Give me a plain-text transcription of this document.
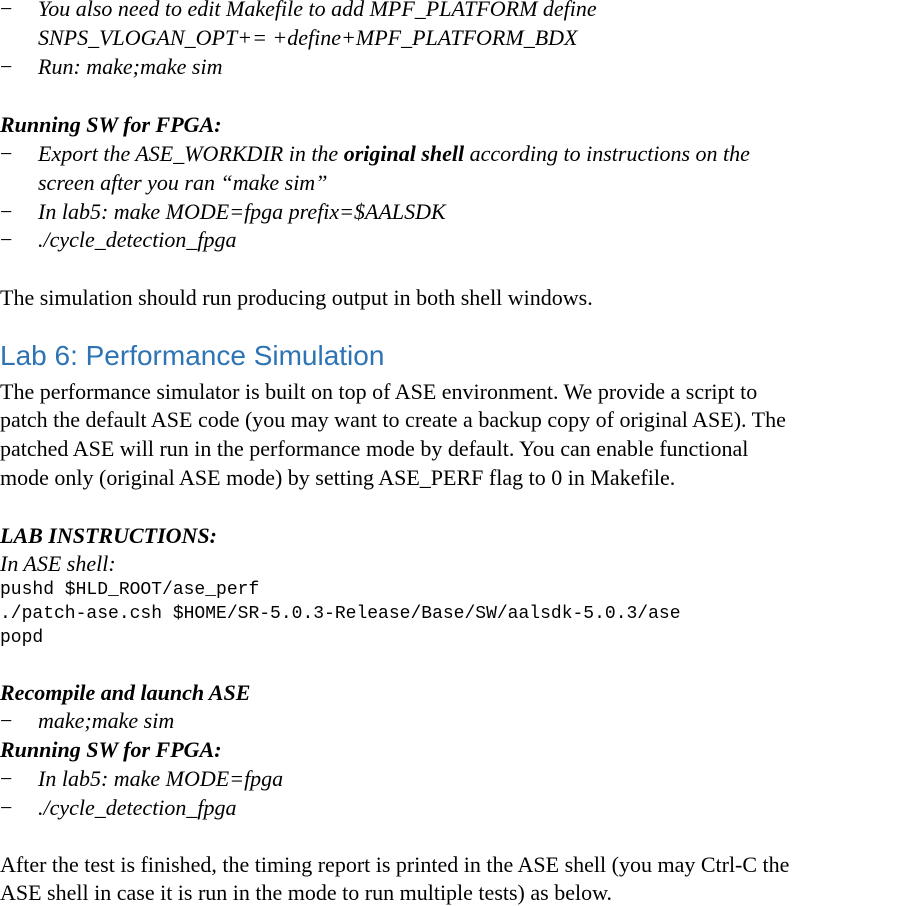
−	You also need to edit Makefile to add MPF_PLATFORM define
SNPS_VLOGAN_OPT+= +define+MPF_PLATFORM_BDX
−	Run: make;make sim
Running SW for FPGA:
−	Export the ASE_WORKDIR in the original shell according to instructions on the
screen after you ran “make sim”
−	In lab5: make MODE=fpga prefix=$AALSDK
−	./cycle_detection_fpga
The simulation should run producing output in both shell windows.
Lab 6: Performance Simulation
The performance simulator is built on top of ASE environment. We provide a script to
patch the default ASE code (you may want to create a backup copy of original ASE). The
patched ASE will run in the performance mode by default. You can enable functional
mode only (original ASE mode) by setting ASE_PERF flag to 0 in Makefile.
LAB INSTRUCTIONS:
In ASE shell:
pushd $HLD_ROOT/ase_perf
./patch-ase.csh $HOME/SR-5.0.3-Release/Base/SW/aalsdk-5.0.3/ase
popd
Recompile and launch ASE
−	make;make sim
Running SW for FPGA:
−	In lab5: make MODE=fpga
−	./cycle_detection_fpga
After the test is finished, the timing report is printed in the ASE shell (you may Ctrl-C the
ASE shell in case it is run in the mode to run multiple tests) as below.
